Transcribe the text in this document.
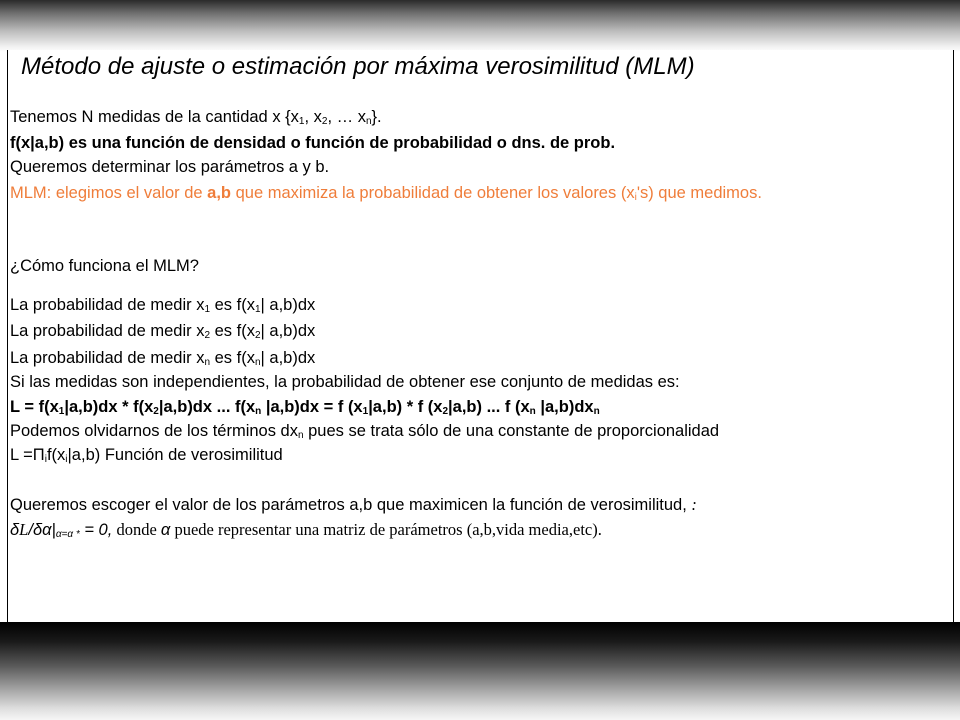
Método de ajuste o estimación por máxima verosimilitud (MLM)
Tenemos N medidas de la cantidad x {$x_1$, $x_2$, … $x_n$}.
f(x|a,b) es una función de densidad o función de probabilidad o dns. de prob.
Queremos determinar los parámetros a y b.
MLM: elegimos el valor de a,b que maximiza la probabilidad de obtener los valores $(x_i's)$ que medimos.
¿Cómo funciona el MLM?
La probabilidad de medir $x_1$ es $f(x_1|$ a,b)dx
La probabilidad de medir $x_2$ es $f(x_2|$ a,b)dx
La probabilidad de medir $x_n$ es $f(x_n|$ a,b)dx
Si las medidas son independientes, la probabilidad de obtener ese conjunto de medidas es:
$L = f(x_1|a,b)dx * f(x_2|a,b)dx$ ... $f(x_n$ |a,b)dx = f $(x_1|a,b)$ * f $(x_2|a,b)$ ... f ($x_n$ $|a,b)dx_n$
Podemos olvidarnos de los términos $dx_n$ pues se trata sólo de una constante de proporcionalidad
$L =\Pi_if(x_i|a,b)$ Función de verosimilitud
Queremos escoger el valor de los parámetros a,b que maximicen la función de verosimilitud, :
$\delta L/\delta\alpha|_{\alpha=\alpha *} = 0$, donde α puede representar una matriz de parámetros (a,b,vida media,etc).
